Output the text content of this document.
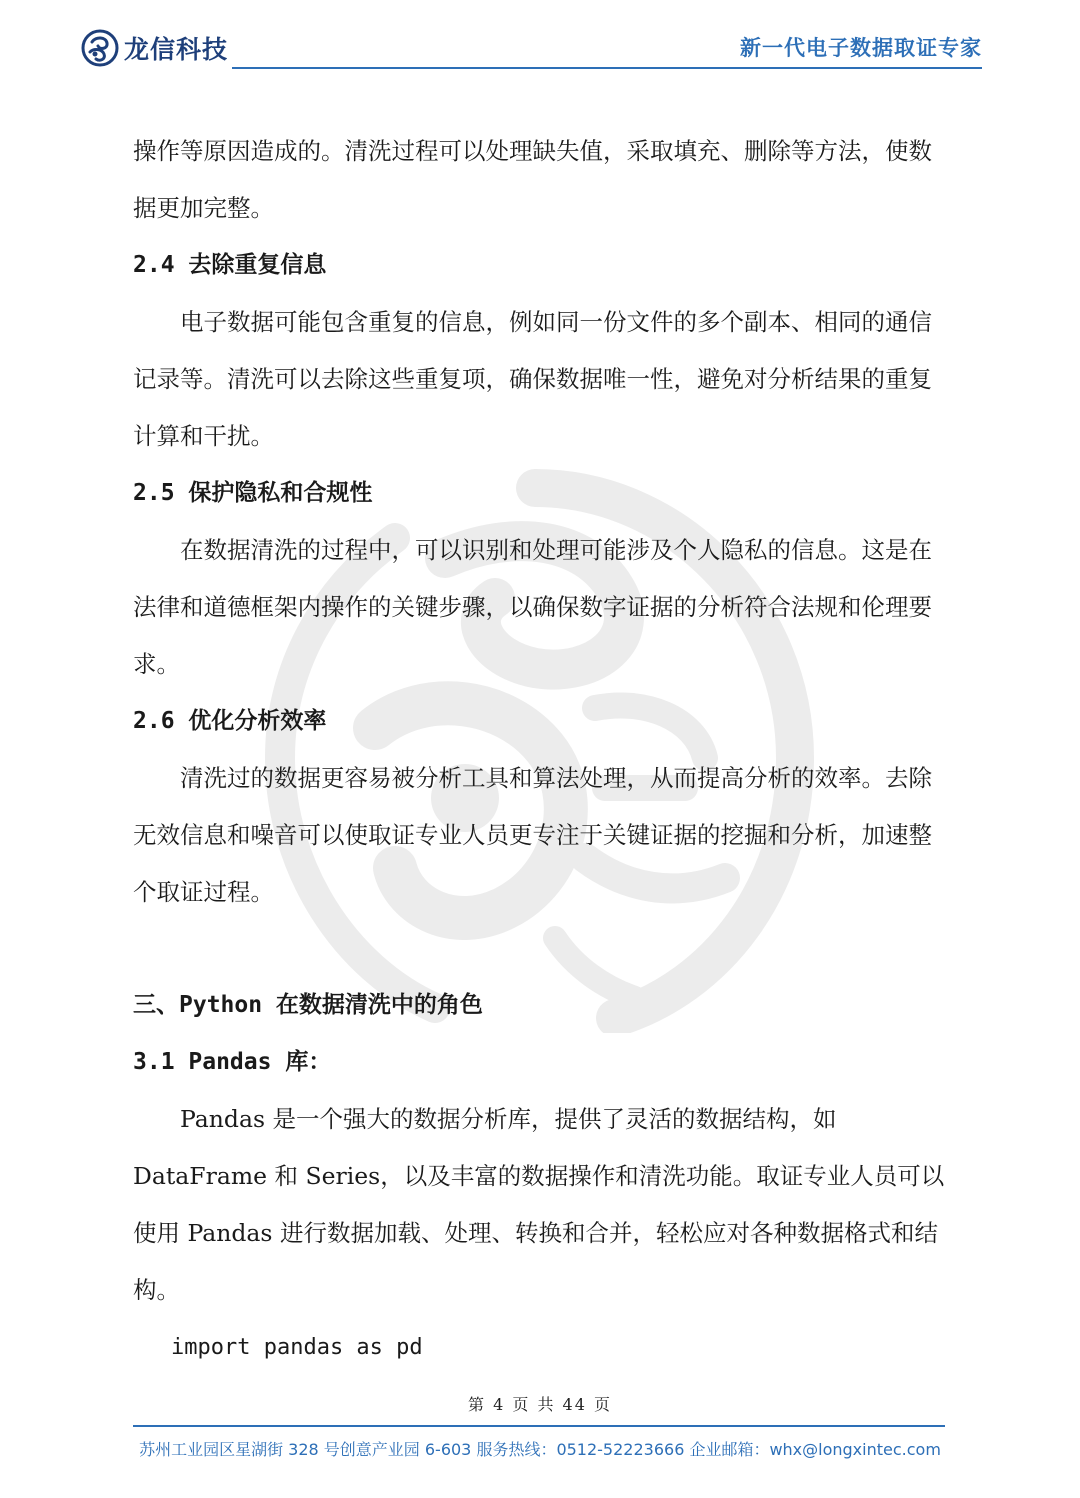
龙信科技	新一代电子数据取证专家

操作等原因造成的。清洗过程可以处理缺失值，采取填充、删除等方法，使数据更加完整。

2.4 去除重复信息

电子数据可能包含重复的信息，例如同一份文件的多个副本、相同的通信记录等。清洗可以去除这些重复项，确保数据唯一性，避免对分析结果的重复计算和干扰。

2.5 保护隐私和合规性

在数据清洗的过程中，可以识别和处理可能涉及个人隐私的信息。这是在法律和道德框架内操作的关键步骤，以确保数字证据的分析符合法规和伦理要求。

2.6 优化分析效率

清洗过的数据更容易被分析工具和算法处理，从而提高分析的效率。去除无效信息和噪音可以使取证专业人员更专注于关键证据的挖掘和分析，加速整个取证过程。

三、Python 在数据清洗中的角色

3.1 Pandas 库：

Pandas 是一个强大的数据分析库，提供了灵活的数据结构，如 DataFrame 和 Series，以及丰富的数据操作和清洗功能。取证专业人员可以使用 Pandas 进行数据加载、处理、转换和合并，轻松应对各种数据格式和结构。

import pandas as pd

第 4 页 共 44 页
苏州工业园区星湖街 328 号创意产业园 6-603 服务热线：0512-52223666 企业邮箱：whx@longxintec.com
